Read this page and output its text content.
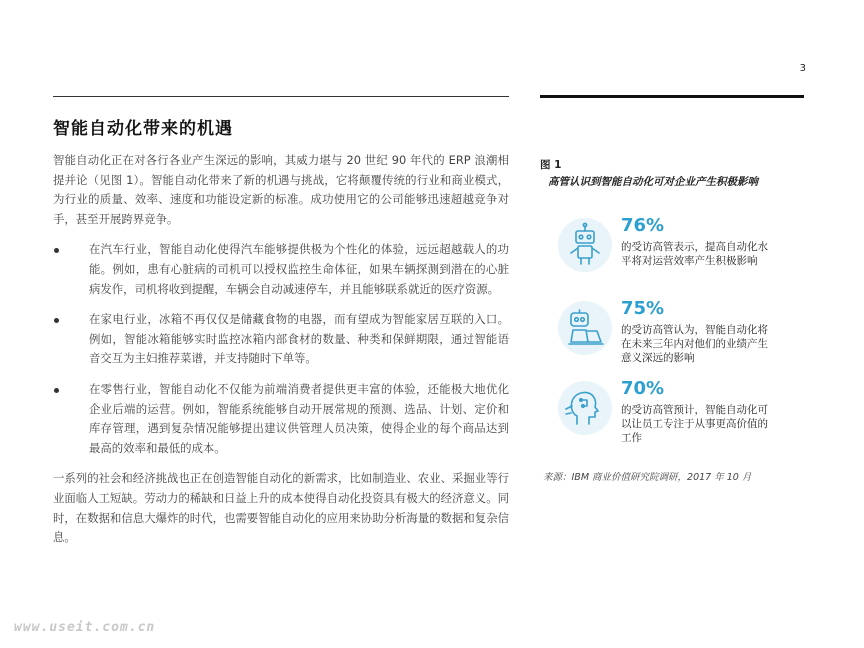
3
智能自动化带来的机遇

智能自动化正在对各行各业产生深远的影响，其威力堪与 20 世纪 90 年代的 ERP 浪潮相提并论（见图 1）。智能自动化带来了新的机遇与挑战，它将颠覆传统的行业和商业模式，为行业的质量、效率、速度和功能设定新的标准。成功使用它的公司能够迅速超越竞争对手，甚至开展跨界竞争。

在汽车行业，智能自动化使得汽车能够提供极为个性化的体验，远远超越载人的功能。例如，患有心脏病的司机可以授权监控生命体征，如果车辆探测到潜在的心脏病发作，司机将收到提醒，车辆会自动减速停车，并且能够联系就近的医疗资源。
在家电行业，冰箱不再仅仅是储藏食物的电器，而有望成为智能家居互联的入口。例如，智能冰箱能够实时监控冰箱内部食材的数量、种类和保鲜期限，通过智能语音交互为主妇推荐菜谱，并支持随时下单等。
在零售行业，智能自动化不仅能为前端消费者提供更丰富的体验，还能极大地优化企业后端的运营。例如，智能系统能够自动开展常规的预测、选品、计划、定价和库存管理，遇到复杂情况能够提出建议供管理人员决策，使得企业的每个商品达到最高的效率和最低的成本。

一系列的社会和经济挑战也正在创造智能自动化的新需求，比如制造业、农业、采掘业等行业面临人工短缺。劳动力的稀缺和日益上升的成本使得自动化投资具有极大的经济意义。同时，在数据和信息大爆炸的时代，也需要智能自动化的应用来协助分析海量的数据和复杂信息。

图 1
高管认识到智能自动化可对企业产生积极影响
76%
的受访高管表示，提高自动化水平将对运营效率产生积极影响
75%
的受访高管认为，智能自动化将在未来三年内对他们的业绩产生意义深远的影响
70%
的受访高管预计，智能自动化可以让员工专注于从事更高价值的工作
来源：IBM 商业价值研究院调研，2017 年 10 月
www.useit.com.cn
